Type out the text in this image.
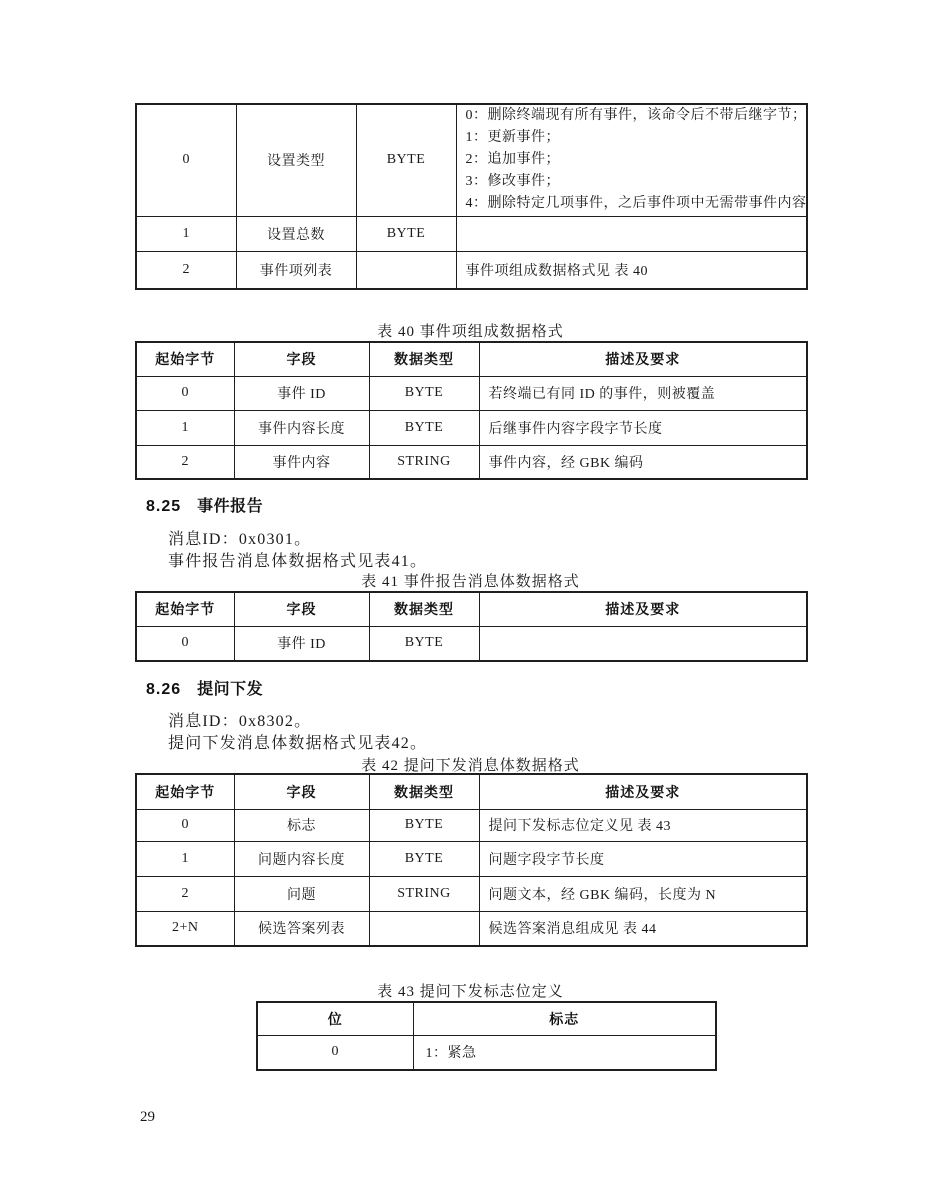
0	设置类型	BYTE	0：删除终端现有所有事件，该命令后不带后继字节；
1：更新事件；
2：追加事件；
3：修改事件；
4：删除特定几项事件，之后事件项中无需带事件内容

1	设置总数	BYTE	
2	事件项列表		事件项组成数据格式见 表 40
表 40 事件项组成数据格式
起始字节	字段	数据类型	描述及要求
0	事件 ID	BYTE	若终端已有同 ID 的事件，则被覆盖
1	事件内容长度	BYTE	后继事件内容字段字节长度
2	事件内容	STRING	事件内容，经 GBK 编码
8.25 事件报告
消息ID：0x0301。
事件报告消息体数据格式见表41。
表 41 事件报告消息体数据格式
起始字节	字段	数据类型	描述及要求
0	事件 ID	BYTE	
8.26 提问下发
消息ID：0x8302。
提问下发消息体数据格式见表42。
表 42 提问下发消息体数据格式
起始字节	字段	数据类型	描述及要求
0	标志	BYTE	提问下发标志位定义见 表 43
1	问题内容长度	BYTE	问题字段字节长度
2	问题	STRING	问题文本，经 GBK 编码，长度为 N
2+N	候选答案列表		候选答案消息组成见 表 44
表 43 提问下发标志位定义
位	标志
0	1：紧急
29
